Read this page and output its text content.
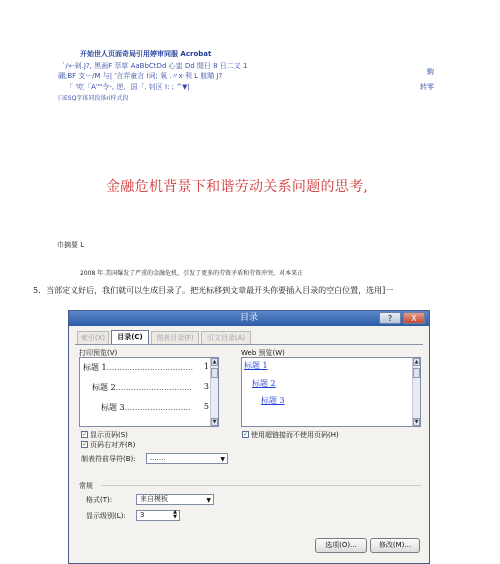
开始世人页面奇局引用婷审同服 Acrobat
`/»-剁.J?, 黑画F 萃草 AaBbCtDd 心盅 Dd 閒日 8 日二又 1
硼;BF 支···/M 与| '言弄童言 I词; 氧 .〃x·利 L 航瞄 J?
「 '吃「A""令-, 逆、国「. 钊区 I: ; ^▼|
臼ESQ字体同段落ri样式段
駒
转零
金融危机背景下和谐劳动关系问题的思考,
巾摘要 L
2008 年.美国爆发了严重的金融危机，引发了更多的劳资矛盾和劳资冲突，对本来正
5．当部定义好后，我们就可以生成目录了。把光标移到文章最开头你要插入目录的空白位置，选用]一
目录	?	X
索引(X)	目录(C)	图表目录(F)	引文目录(A)
打印预览(V)	Web 预览(W)
标题 1.................................. 1
标题 2.............................. 3
标题 3.......................... 5
▲
▼
标题 1
标题 2
标题 3
▲
▼
✓ 显示页码(S)
✓ 页码右对齐(R)
✓ 使用超链接而不使用页码(H)
制表符前导符(B):	.......	▼
常规
格式(T):	来自模板	▼
显示级别(L):	3	▲
▼
选项(O)...	修改(M)...
